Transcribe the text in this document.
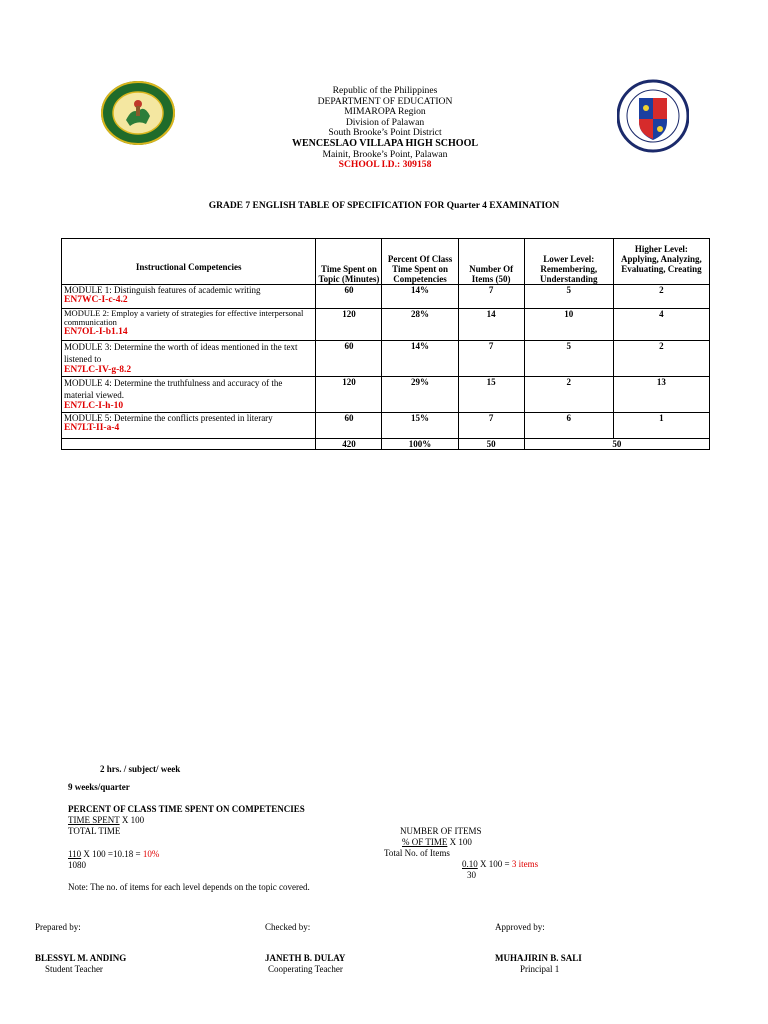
Republic of the Philippines
DEPARTMENT OF EDUCATION
MIMAROPA Region
Division of Palawan
South Brooke’s Point District
WENCESLAO VILLAPA HIGH SCHOOL
Mainit, Brooke’s Point, Palawan
SCHOOL I.D.: 309158
GRADE 7 ENGLISH TABLE OF SPECIFICATION FOR Quarter 4 EXAMINATION
Instructional Competencies	Time Spent on Topic (Minutes)	Percent Of Class Time Spent on Competencies	Number Of Items (50)	Lower Level: Remembering, Understanding	Higher Level: Applying, Analyzing, Evaluating, Creating

MODULE 1: Distinguish features of academic writing
EN7WC-I-c-4.2	60	14%	7	5	2

MODULE 2: Employ a variety of strategies for effective interpersonal communication
EN7OL-I-b1.14	120	28%	14	10	4

MODULE 3: Determine the worth of ideas mentioned in the text listened to
EN7LC-IV-g-8.2	60	14%	7	5	2

MODULE 4: Determine the truthfulness and accuracy of the material viewed.
EN7LC-I-h-10	120	29%	15	2	13

MODULE 5: Determine the conflicts presented in literary
EN7LT-II-a-4	60	15%	7	6	1
	420	100%	50	50	
2 hrs. / subject/ week
9 weeks/quarter
PERCENT OF CLASS TIME SPENT ON COMPETENCIES
TIME SPENT X 100
TOTAL TIME
110 X 100 =10.18 = 10%
1080
NUMBER OF ITEMS
% OF TIME X 100
Total No. of Items
0.10 X 100 = 3 items
30
Note: The no. of items for each level depends on the topic covered.
Prepared by:	Checked by:	Approved by:
BLESSYL M. ANDING
Student Teacher
JANETH B. DULAY
Cooperating Teacher
MUHAJIRIN B. SALI
Principal 1
